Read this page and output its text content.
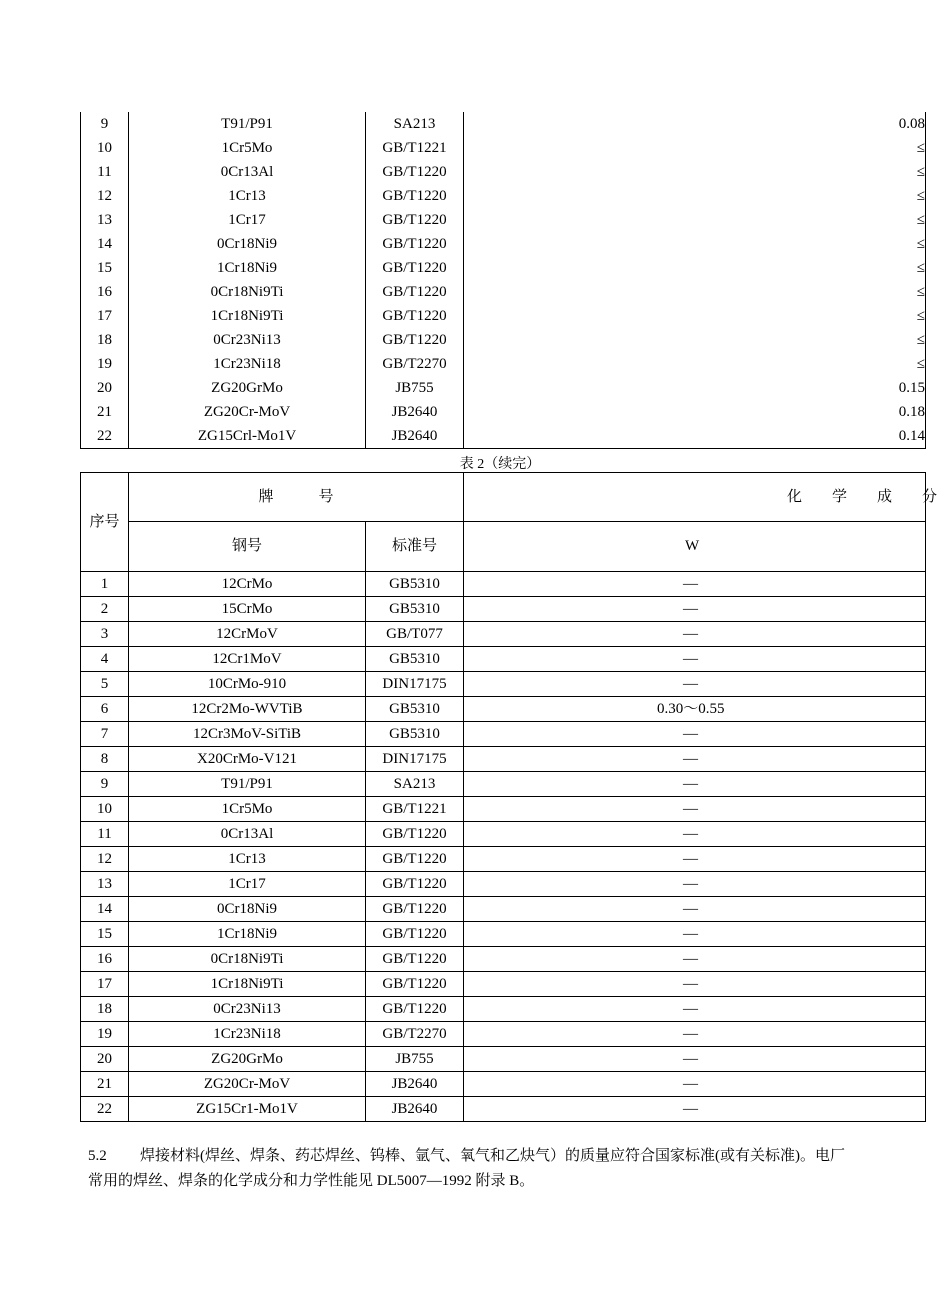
9	T91/P91	SA213	0.08
10	1Cr5Mo	GB/T1221	≤
11	0Cr13Al	GB/T1220	≤
12	1Cr13	GB/T1220	≤
13	1Cr17	GB/T1220	≤
14	0Cr18Ni9	GB/T1220	≤
15	1Cr18Ni9	GB/T1220	≤
16	0Cr18Ni9Ti	GB/T1220	≤
17	1Cr18Ni9Ti	GB/T1220	≤
18	0Cr23Ni13	GB/T1220	≤
19	1Cr23Ni18	GB/T2270	≤
20	ZG20GrMo	JB755	0.15
21	ZG20Cr-MoV	JB2640	0.18
22	ZG15Crl-Mo1V	JB2640	0.14
表 2（续完）
序号	牌　　　号		化　　学　　成　　分
	钢号	标准号	W
1	12CrMo	GB5310	—
2	15CrMo	GB5310	—
3	12CrMoV	GB/T077	—
4	12Cr1MoV	GB5310	—
5	10CrMo-910	DIN17175	—
6	12Cr2Mo-WVTiB	GB5310	0.30～0.55
7	12Cr3MoV-SiTiB	GB5310	—
8	X20CrMo-V121	DIN17175	—
9	T91/P91	SA213	—
10	1Cr5Mo	GB/T1221	—
11	0Cr13Al	GB/T1220	—
12	1Cr13	GB/T1220	—
13	1Cr17	GB/T1220	—
14	0Cr18Ni9	GB/T1220	—
15	1Cr18Ni9	GB/T1220	—
16	0Cr18Ni9Ti	GB/T1220	—
17	1Cr18Ni9Ti	GB/T1220	—
18	0Cr23Ni13	GB/T1220	—
19	1Cr23Ni18	GB/T2270	—
20	ZG20GrMo	JB755	—
21	ZG20Cr-MoV	JB2640	—
22	ZG15Cr1-Mo1V	JB2640	—
5.2 焊接材料(焊丝、焊条、药芯焊丝、钨棒、氩气、氧气和乙炔气）的质量应符合国家标准(或有关标准)。电厂常用的焊丝、焊条的化学成分和力学性能见 DL5007—1992 附录 B。
